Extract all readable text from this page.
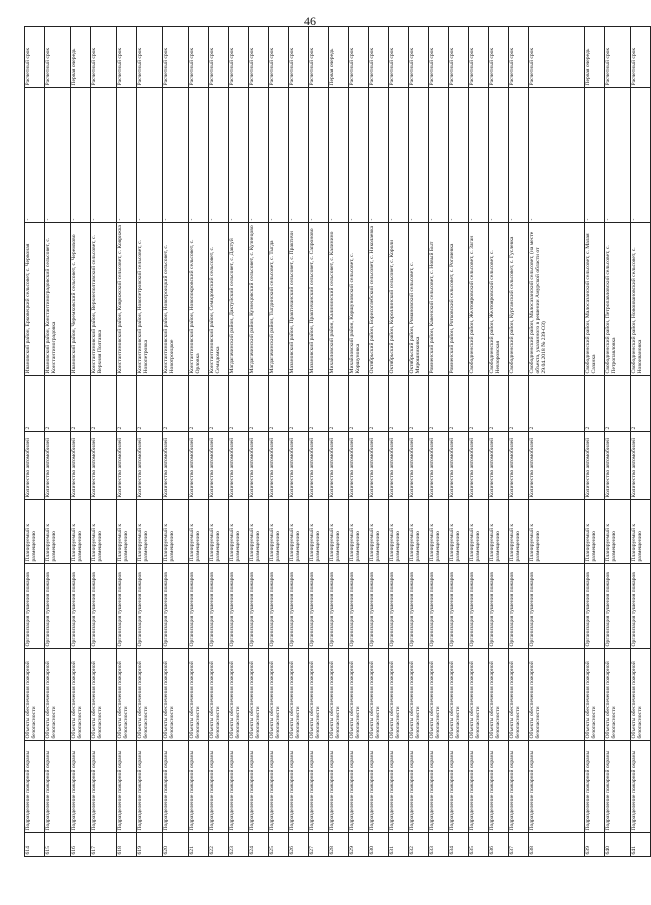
46
614	Подразделение пожарной охраны	Объекты обеспечения пожарной безопасности	Организация тушения пожаров	Планируемый к размещению	Количество автомобилей	2	Ивановский район, Ерковецкий сельсовет, с. Червоная	-	Расчетный срок
615	Подразделение пожарной охраны	Объекты обеспечения пожарной безопасности	Организация тушения пожаров	Планируемый к размещению	Количество автомобилей	2	Ивановский район, Константиноградовский сельсовет, с. Константиноградовка	-	Расчетный срок
616	Подразделение пожарной охраны	Объекты обеспечения пожарной безопасности	Организация тушения пожаров	Планируемый к размещению	Количество автомобилей	2	Ивановский район, Черемховский сельсовет, с. Черемхово	-	Первая очередь
617	Подразделение пожарной охраны	Объекты обеспечения пожарной безопасности	Организация тушения пожаров	Планируемый к размещению	Количество автомобилей	2	Константиновский район, Верхнеполтавский сельсовет, с. Верхняя Полтавка	-	Расчетный срок
618	Подразделение пожарной охраны	Объекты обеспечения пожарной безопасности	Организация тушения пожаров	Планируемый к размещению	Количество автомобилей	2	Константиновский район, Коврижский сельсовет, с. Коврижка	-	Расчетный срок
619	Подразделение пожарной охраны	Объекты обеспечения пожарной безопасности	Организация тушения пожаров	Планируемый к размещению	Количество автомобилей	2	Константиновский район, Новопетровский сельсовет, с. Новопетровка	-	Расчетный срок
620	Подразделение пожарной охраны	Объекты обеспечения пожарной безопасности	Организация тушения пожаров	Планируемый к размещению	Количество автомобилей	2	Константиновский район, Новотроицкий сельсовет, с. Новотроицкое	-	Расчетный срок
621	Подразделение пожарной охраны	Объекты обеспечения пожарной безопасности	Организация тушения пожаров	Планируемый к размещению	Количество автомобилей	2	Константиновский район, Новопокровский сельсовет, с. Орловка	-	Расчетный срок
622	Подразделение пожарной охраны	Объекты обеспечения пожарной безопасности	Организация тушения пожаров	Планируемый к размещению	Количество автомобилей	2	Константиновский район, Семидомский сельсовет, с. Семидомка	-	Расчетный срок
623	Подразделение пожарной охраны	Объекты обеспечения пожарной безопасности	Организация тушения пожаров	Планируемый к размещению	Количество автомобилей	2	Магдагачинский район, Дактуйский сельсовет, с. Дактуй	-	Расчетный срок
624	Подразделение пожарной охраны	Объекты обеспечения пожарной безопасности	Организация тушения пожаров	Планируемый к размещению	Количество автомобилей	2	Магдагачинский район, Кузнецовский сельсовет, с. Кузнецово	-	Расчетный срок
625	Подразделение пожарной охраны	Объекты обеспечения пожарной безопасности	Организация тушения пожаров	Планируемый к размещению	Количество автомобилей	2	Магдагачинский район, Тыгдинский сельсовет, с. Тыгда	-	Расчетный срок
626	Подразделение пожарной охраны	Объекты обеспечения пожарной безопасности	Организация тушения пожаров	Планируемый к размещению	Количество автомобилей	2	Мазановский район, Практичанский сельсовет, с. Практичи	-	Расчетный срок
627	Подразделение пожарной охраны	Объекты обеспечения пожарной безопасности	Организация тушения пожаров	Планируемый к размещению	Количество автомобилей	2	Мазановский район, Практичанский сельсовет, с. Сапроново	-	Расчетный срок
628	Подразделение пожарной охраны	Объекты обеспечения пожарной безопасности	Организация тушения пожаров	Планируемый к размещению	Количество автомобилей	2	Михайловский район, Калининский сельсовет, с. Калинино	-	Первая очередь
629	Подразделение пожарной охраны	Объекты обеспечения пожарной безопасности	Организация тушения пожаров	Планируемый к размещению	Количество автомобилей	2	Михайловский район, Коршуновский сельсовет, с. Коршуновка	-	Расчетный срок
630	Подразделение пожарной охраны	Объекты обеспечения пожарной безопасности	Организация тушения пожаров	Планируемый к размещению	Количество автомобилей	2	Октябрьский район, Борисоглебский сельсовет, с. Николаевка	-	Расчетный срок
631	Подразделение пожарной охраны	Объекты обеспечения пожарной безопасности	Организация тушения пожаров	Планируемый к размещению	Количество автомобилей	2	Октябрьский район, Короллинский сельсовет, с. Короли	-	Расчетный срок
632	Подразделение пожарной охраны	Объекты обеспечения пожарной безопасности	Организация тушения пожаров	Планируемый к размещению	Количество автомобилей	2	Октябрьский район, Романовский сельсовет, с. Мирошниковка	-	Расчетный срок
633	Подразделение пожарной охраны	Объекты обеспечения пожарной безопасности	Организация тушения пожаров	Планируемый к размещению	Количество автомобилей	2	Ромненский район, Кавенский сельсовет, с. Новый Быт	-	Расчетный срок
634	Подразделение пожарной охраны	Объекты обеспечения пожарной безопасности	Организация тушения пожаров	Планируемый к размещению	Количество автомобилей	2	Ромненский район, Ротковский сельсовет, с. Рогачевка	-	Расчетный срок
635	Подразделение пожарной охраны	Объекты обеспечения пожарной безопасности	Организация тушения пожаров	Планируемый к размещению	Количество автомобилей	2	Свободненский район, Желтояровский сельсовет, с. Заган	-	Расчетный срок
636	Подразделение пожарной охраны	Объекты обеспечения пожарной безопасности	Организация тушения пожаров	Планируемый к размещению	Количество автомобилей	2	Свободненский район, Желтояровский сельсовет, с. Невзоровская	-	Расчетный срок
637	Подразделение пожарной охраны	Объекты обеспечения пожарной безопасности	Организация тушения пожаров	Планируемый к размещению	Количество автомобилей	2	Свободненский район, Курганский сельсовет, с. Гуслевка	-	Расчетный срок
638	Подразделение пожарной охраны	Объекты обеспечения пожарной безопасности	Организация тушения пожаров	Планируемый к размещению	Количество автомобилей	2	Свободненский район, Малосазанский сельсовет, (на месте объекта, указанного в решении Амурской области от 29.04.2018 № 239-ОЗ)	-	Расчетный срок
639	Подразделение пожарной охраны	Объекты обеспечения пожарной безопасности	Организация тушения пожаров	Планируемый к размещению	Количество автомобилей	2	Свободненский район, Малосазанский сельсовет, с. Малая Сазанка	-	Первая очередь
640	Подразделение пожарной охраны	Объекты обеспечения пожарной безопасности	Организация тушения пожаров	Планируемый к размещению	Количество автомобилей	2	Свободненский район, Петропавловский сельсовет, с. Петропавловка	-	Расчетный срок
641	Подразделение пожарной охраны	Объекты обеспечения пожарной безопасности	Организация тушения пожаров	Планируемый к размещению	Количество автомобилей	2	Свободненский район, Новоивановский сельсовет, с. Новоивановка	-	Расчетный срок
